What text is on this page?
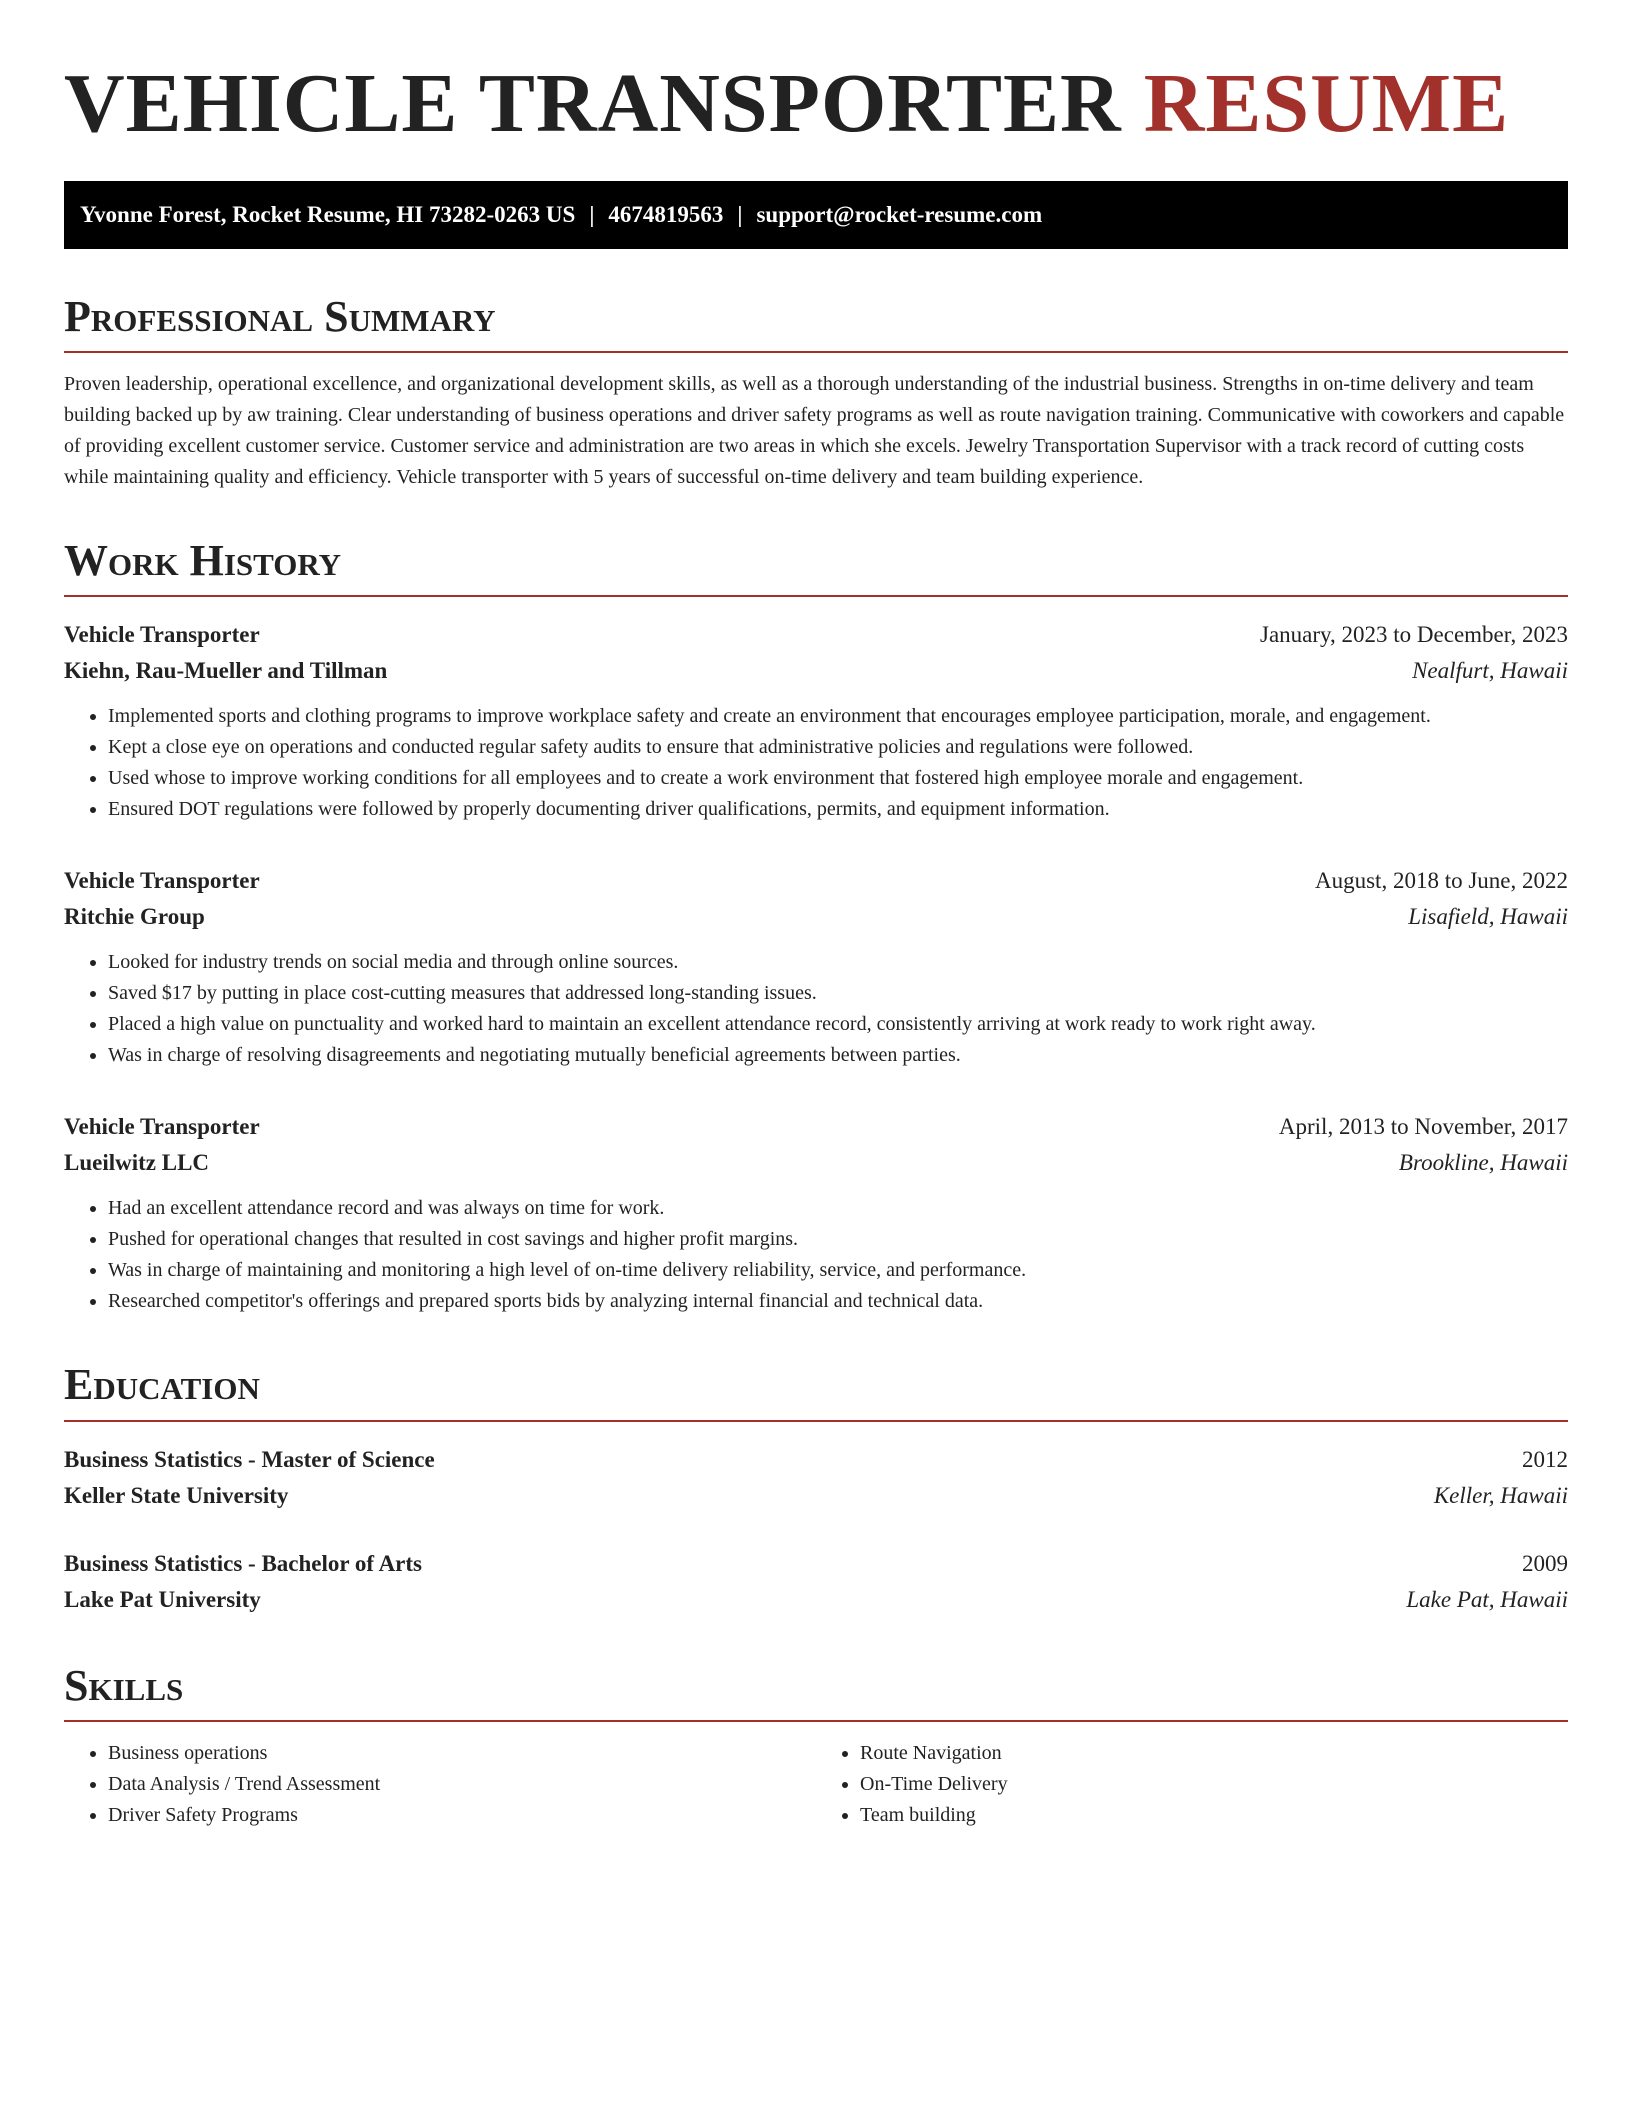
VEHICLE TRANSPORTER RESUME
Yvonne Forest, Rocket Resume, HI 73282-0263 US | 4674819563 | support@rocket-resume.com
Professional Summary

Proven leadership, operational excellence, and organizational development skills, as well as a thorough understanding of the industrial business. Strengths in on-time delivery and team building backed up by aw training. Clear understanding of business operations and driver safety programs as well as route navigation training. Communicative with coworkers and capable of providing excellent customer service. Customer service and administration are two areas in which she excels. Jewelry Transportation Supervisor with a track record of cutting costs while maintaining quality and efficiency. Vehicle transporter with 5 years of successful on-time delivery and team building experience.

Work History
Vehicle Transporter	January, 2023 to December, 2023
Kiehn, Rau-Mueller and Tillman	Nealfurt, Hawaii
• Implemented sports and clothing programs to improve workplace safety and create an environment that encourages employee participation, morale, and engagement.
• Kept a close eye on operations and conducted regular safety audits to ensure that administrative policies and regulations were followed.
• Used whose to improve working conditions for all employees and to create a work environment that fostered high employee morale and engagement.
• Ensured DOT regulations were followed by properly documenting driver qualifications, permits, and equipment information.
Vehicle Transporter	August, 2018 to June, 2022
Ritchie Group	Lisafield, Hawaii
• Looked for industry trends on social media and through online sources.
• Saved $17 by putting in place cost-cutting measures that addressed long-standing issues.
• Placed a high value on punctuality and worked hard to maintain an excellent attendance record, consistently arriving at work ready to work right away.
• Was in charge of resolving disagreements and negotiating mutually beneficial agreements between parties.
Vehicle Transporter	April, 2013 to November, 2017
Lueilwitz LLC	Brookline, Hawaii
• Had an excellent attendance record and was always on time for work.
• Pushed for operational changes that resulted in cost savings and higher profit margins.
• Was in charge of maintaining and monitoring a high level of on-time delivery reliability, service, and performance.
• Researched competitor's offerings and prepared sports bids by analyzing internal financial and technical data.
Education
Business Statistics - Master of Science	2012
Keller State University	Keller, Hawaii
Business Statistics - Bachelor of Arts	2009
Lake Pat University	Lake Pat, Hawaii
Skills
• Business operations
• Data Analysis / Trend Assessment
• Driver Safety Programs
• Route Navigation
• On-Time Delivery
• Team building
